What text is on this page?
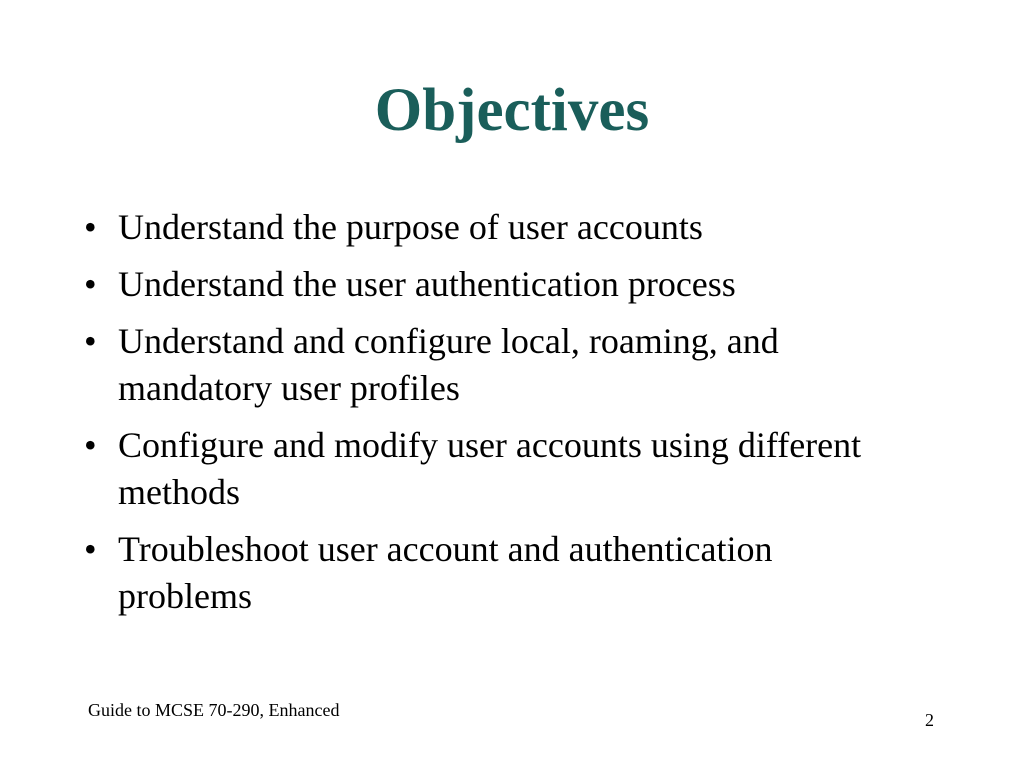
Objectives
• Understand the purpose of user accounts
• Understand the user authentication process
• Understand and configure local, roaming, and mandatory user profiles
• Configure and modify user accounts using different methods
• Troubleshoot user account and authentication problems
Guide to MCSE 70-290, Enhanced	2
